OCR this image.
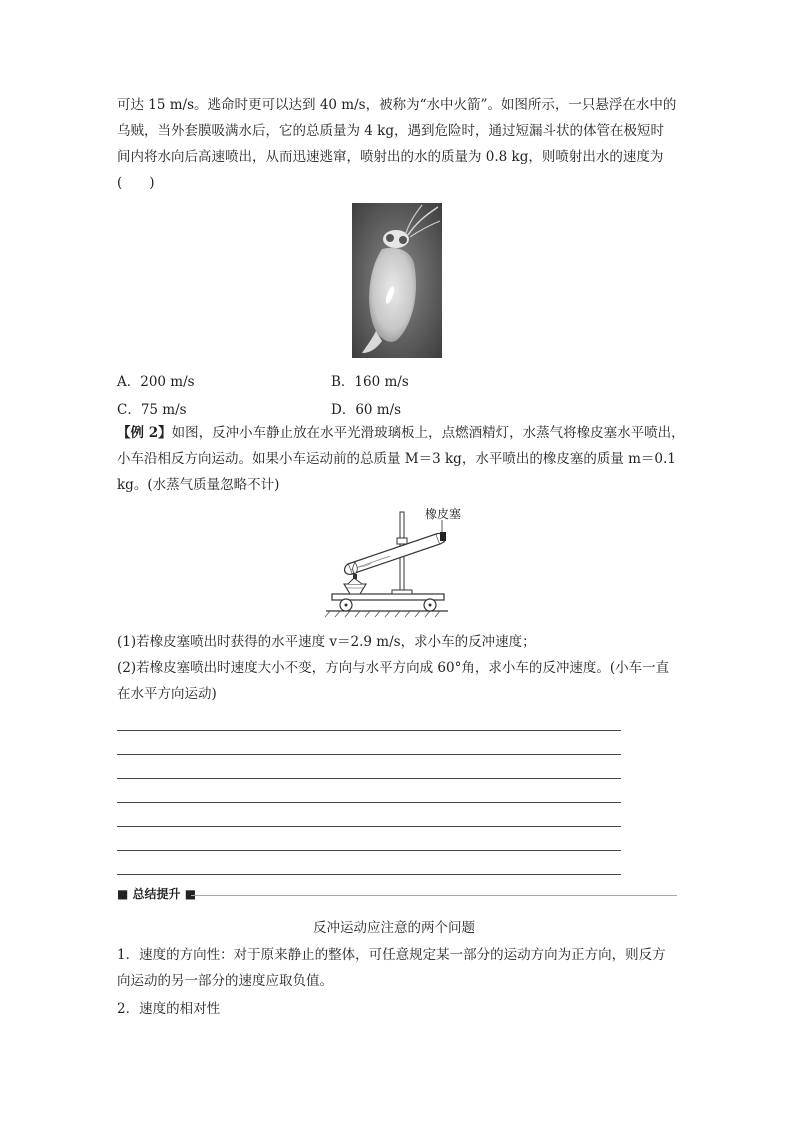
可达 15 m/s。逃命时更可以达到 40 m/s，被称为“水中火箭”。如图所示，一只悬浮在水中的
乌贼，当外套膜吸满水后，它的总质量为 4 kg，遇到危险时，通过短漏斗状的体管在极短时
间内将水向后高速喷出，从而迅速逃窜，喷射出的水的质量为 0.8 kg，则喷射出水的速度为
(　　)
A．200 m/s	B．160 m/s
C．75 m/s	D．60 m/s
【例 2】如图，反冲小车静止放在水平光滑玻璃板上，点燃酒精灯，水蒸气将橡皮塞水平喷出，
小车沿相反方向运动。如果小车运动前的总质量 M＝3 kg，水平喷出的橡皮塞的质量 m＝0.1
kg。(水蒸气质量忽略不计)
橡皮塞
(1)若橡皮塞喷出时获得的水平速度 v＝2.9 m/s，求小车的反冲速度；
(2)若橡皮塞喷出时速度大小不变，方向与水平方向成 60°角，求小车的反冲速度。(小车一直
在水平方向运动)
■ 总结提升 ■
反冲运动应注意的两个问题
1．速度的方向性：对于原来静止的整体，可任意规定某一部分的运动方向为正方向，则反方
向运动的另一部分的速度应取负值。
2．速度的相对性
